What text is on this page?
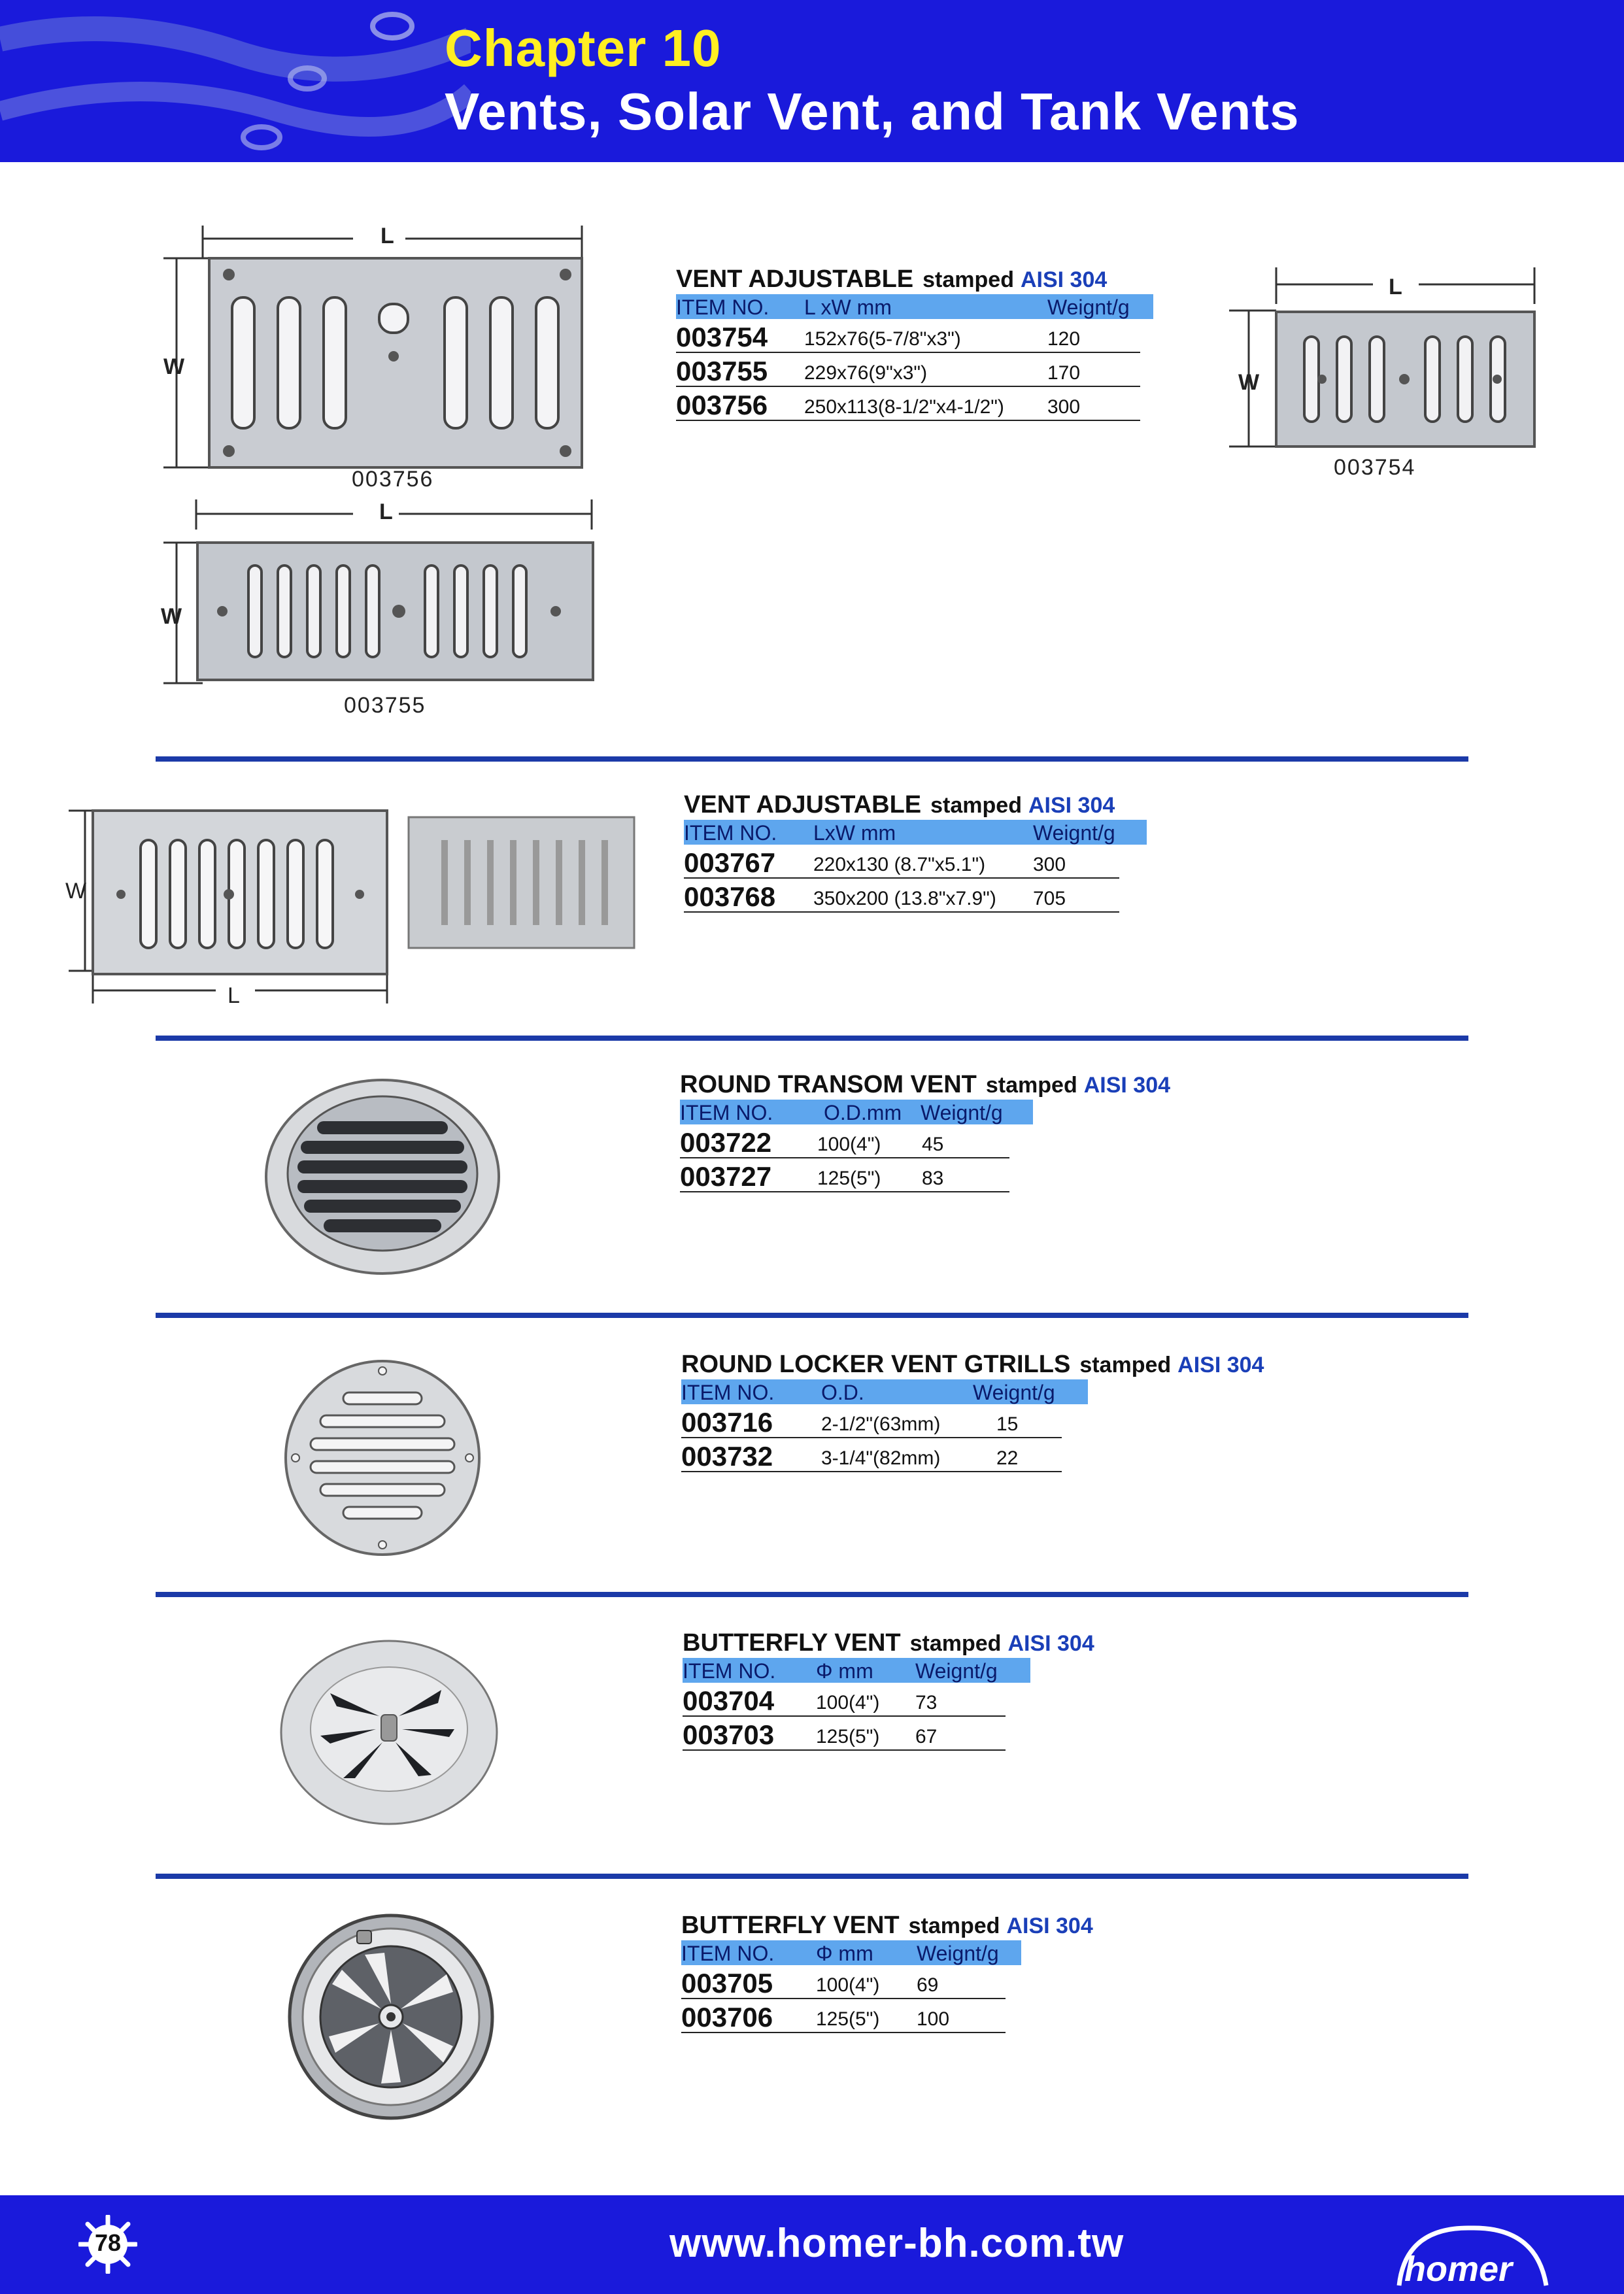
Chapter 10
Vents, Solar Vent, and Tank Vents
L
W
003756
L
W
003755
L
W
003754
VENT ADJUSTABLE stamped AISI 304
ITEM NO. L xW mm	Weignt/g
003754 152x76(5-7/8"x3")	120
003755 229x76(9"x3")	170
003756 250x113(8-1/2"x4-1/2") 300
W
L
VENT ADJUSTABLE stamped AISI 304
ITEM NO. LxW mm	Weignt/g
003767 220x130 (8.7"x5.1") 300
003768 350x200 (13.8"x7.9") 705
ROUND TRANSOM VENT stamped AISI 304
ITEM NO. O.D.mm Weignt/g
003722 100(4") 45
003727 125(5") 83
ROUND LOCKER VENT GTRILLS stamped AISI 304
ITEM NO. O.D.	Weignt/g
003716 2-1/2"(63mm)	15
003732 3-1/4"(82mm)	22
BUTTERFLY VENT stamped AISI 304
ITEM NO. Φ mm Weignt/g
003704 100(4") 73
003703 125(5") 67
BUTTERFLY VENT stamped AISI 304
ITEM NO. Φ mm Weignt/g
003705 100(4") 69
003706 125(5") 100
78	www.homer-bh.com.tw
homer
